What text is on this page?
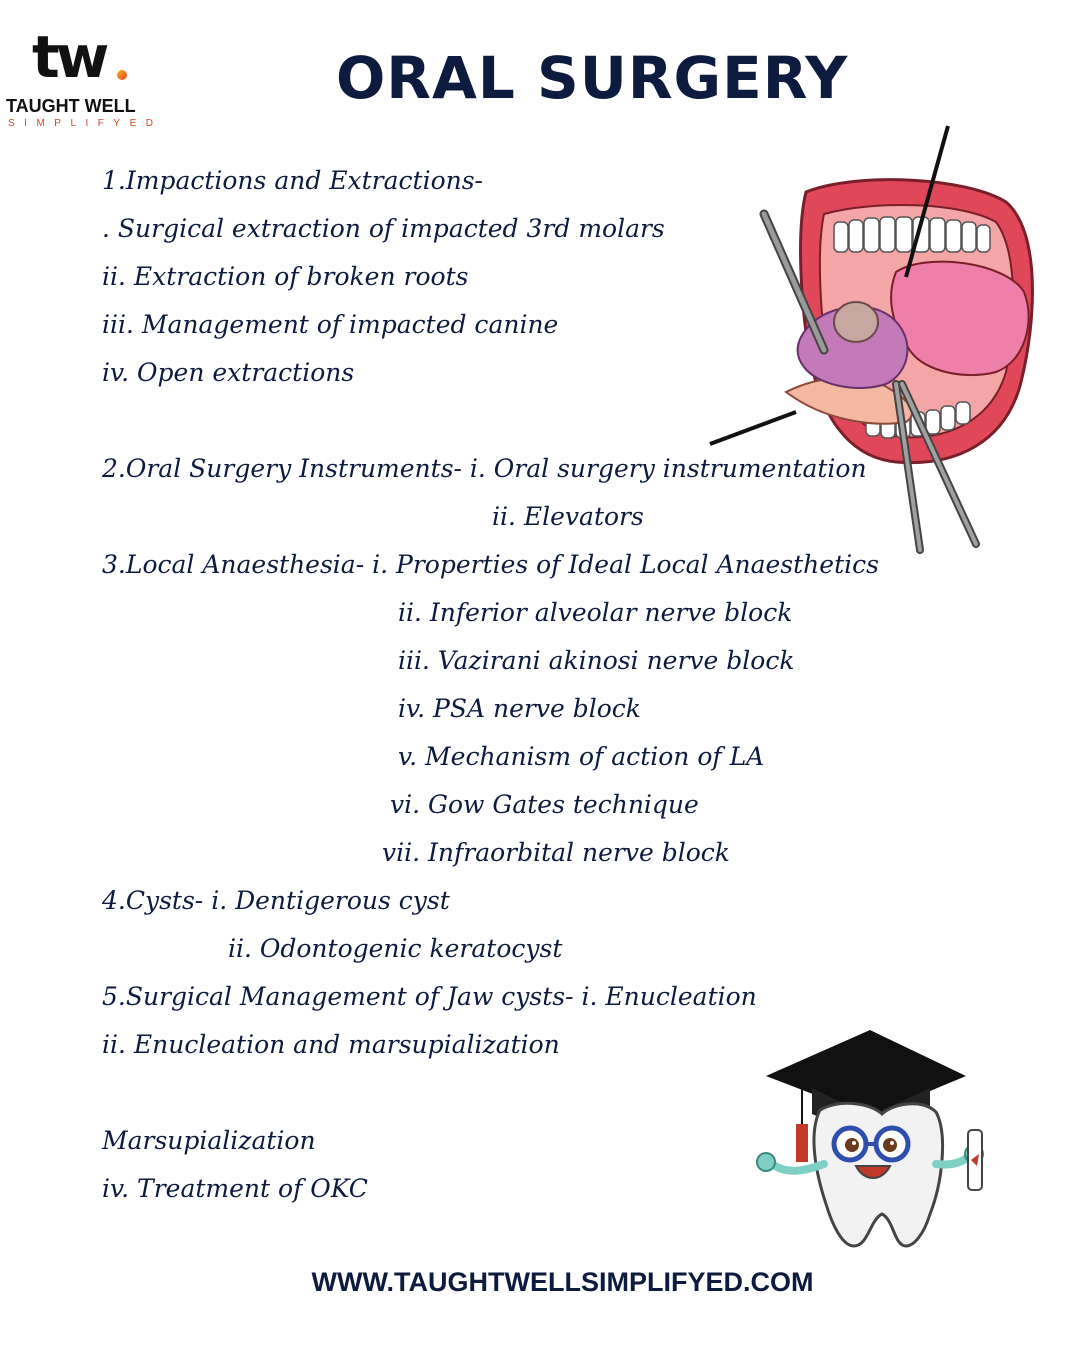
tw
TAUGHT WELL
SIMPLIFYED
ORAL SURGERY
1.Impactions and Extractions-
. Surgical extraction of impacted 3rd molars
ii. Extraction of broken roots
iii. Management of impacted canine
iv. Open extractions
2.Oral Surgery Instruments- i. Oral surgery instrumentation
ii. Elevators
3.Local Anaesthesia- i. Properties of Ideal Local Anaesthetics
ii. Inferior alveolar nerve block
iii. Vazirani akinosi nerve block
iv. PSA nerve block
v. Mechanism of action of LA
vi. Gow Gates technique
vii. Infraorbital nerve block
4.Cysts- i. Dentigerous cyst
ii. Odontogenic keratocyst
5.Surgical Management of Jaw cysts- i. Enucleation
ii. Enucleation and marsupialization
Marsupialization
iv. Treatment of OKC
WWW.TAUGHTWELLSIMPLIFYED.COM
